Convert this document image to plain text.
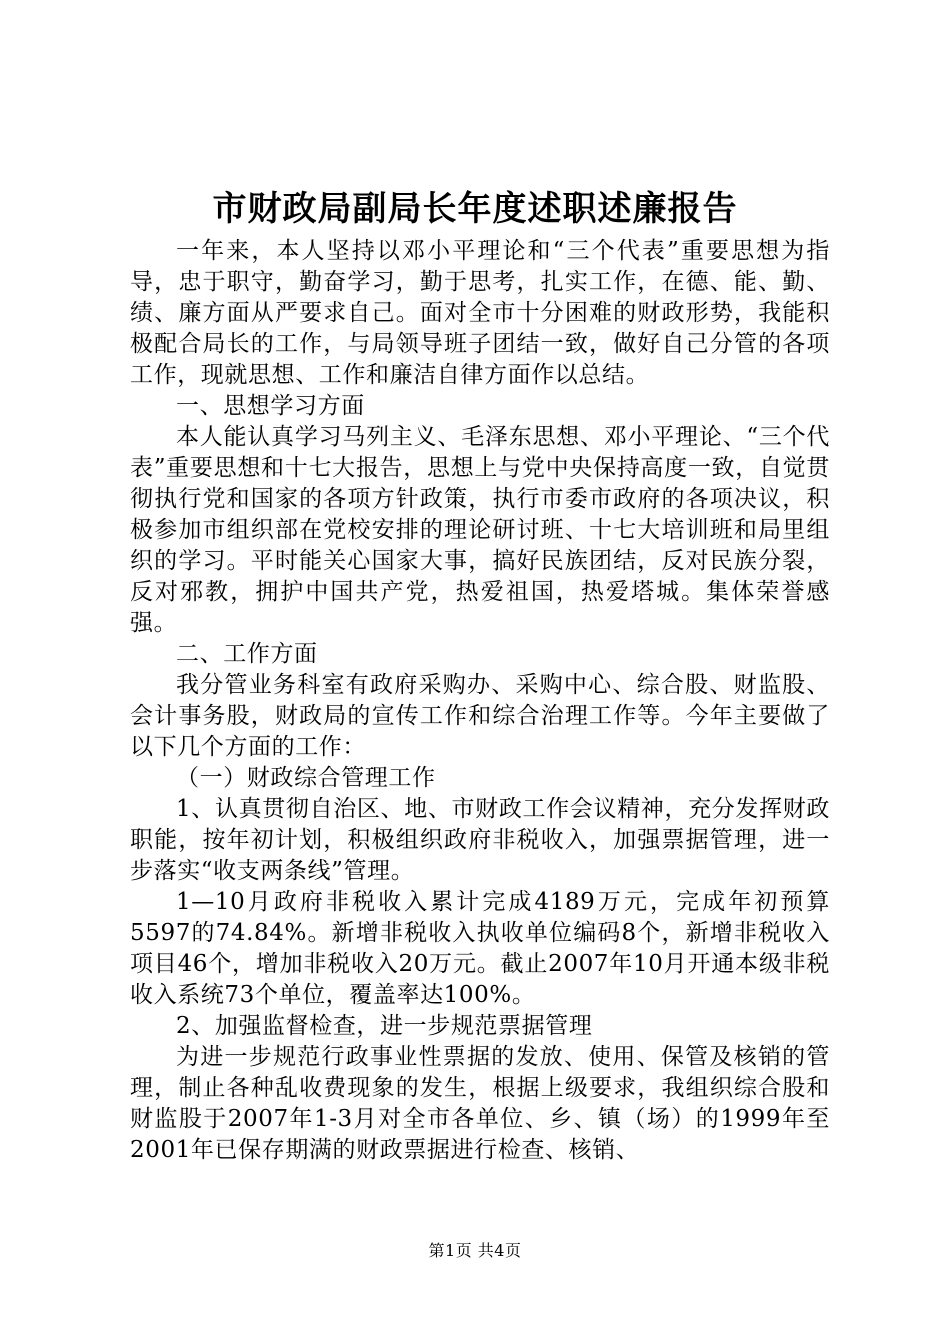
市财政局副局长年度述职述廉报告

一年来，本人坚持以邓小平理论和“三个代表”重要思想为指导，忠于职守，勤奋学习，勤于思考，扎实工作，在德、能、勤、绩、廉方面从严要求自己。面对全市十分困难的财政形势，我能积极配合局长的工作，与局领导班子团结一致，做好自己分管的各项工作，现就思想、工作和廉洁自律方面作以总结。

一、思想学习方面

本人能认真学习马列主义、毛泽东思想、邓小平理论、“三个代表”重要思想和十七大报告，思想上与党中央保持高度一致，自觉贯彻执行党和国家的各项方针政策，执行市委市政府的各项决议，积极参加市组织部在党校安排的理论研讨班、十七大培训班和局里组织的学习。平时能关心国家大事，搞好民族团结，反对民族分裂，反对邪教，拥护中国共产党，热爱祖国，热爱塔城。集体荣誉感强。

二、工作方面

我分管业务科室有政府采购办、采购中心、综合股、财监股、会计事务股，财政局的宣传工作和综合治理工作等。今年主要做了以下几个方面的工作：

（一）财政综合管理工作

1、认真贯彻自治区、地、市财政工作会议精神，充分发挥财政职能，按年初计划，积极组织政府非税收入，加强票据管理，进一步落实“收支两条线”管理。

1—10月政府非税收入累计完成4189万元，完成年初预算5597的74.84%。新增非税收入执收单位编码8个，新增非税收入项目46个，增加非税收入20万元。截止2007年10月开通本级非税收入系统73个单位，覆盖率达100%。

2、加强监督检查，进一步规范票据管理

为进一步规范行政事业性票据的发放、使用、保管及核销的管理，制止各种乱收费现象的发生，根据上级要求，我组织综合股和财监股于2007年1-3月对全市各单位、乡、镇（场）的1999年至2001年已保存期满的财政票据进行检查、核销、

第1页 共4页
